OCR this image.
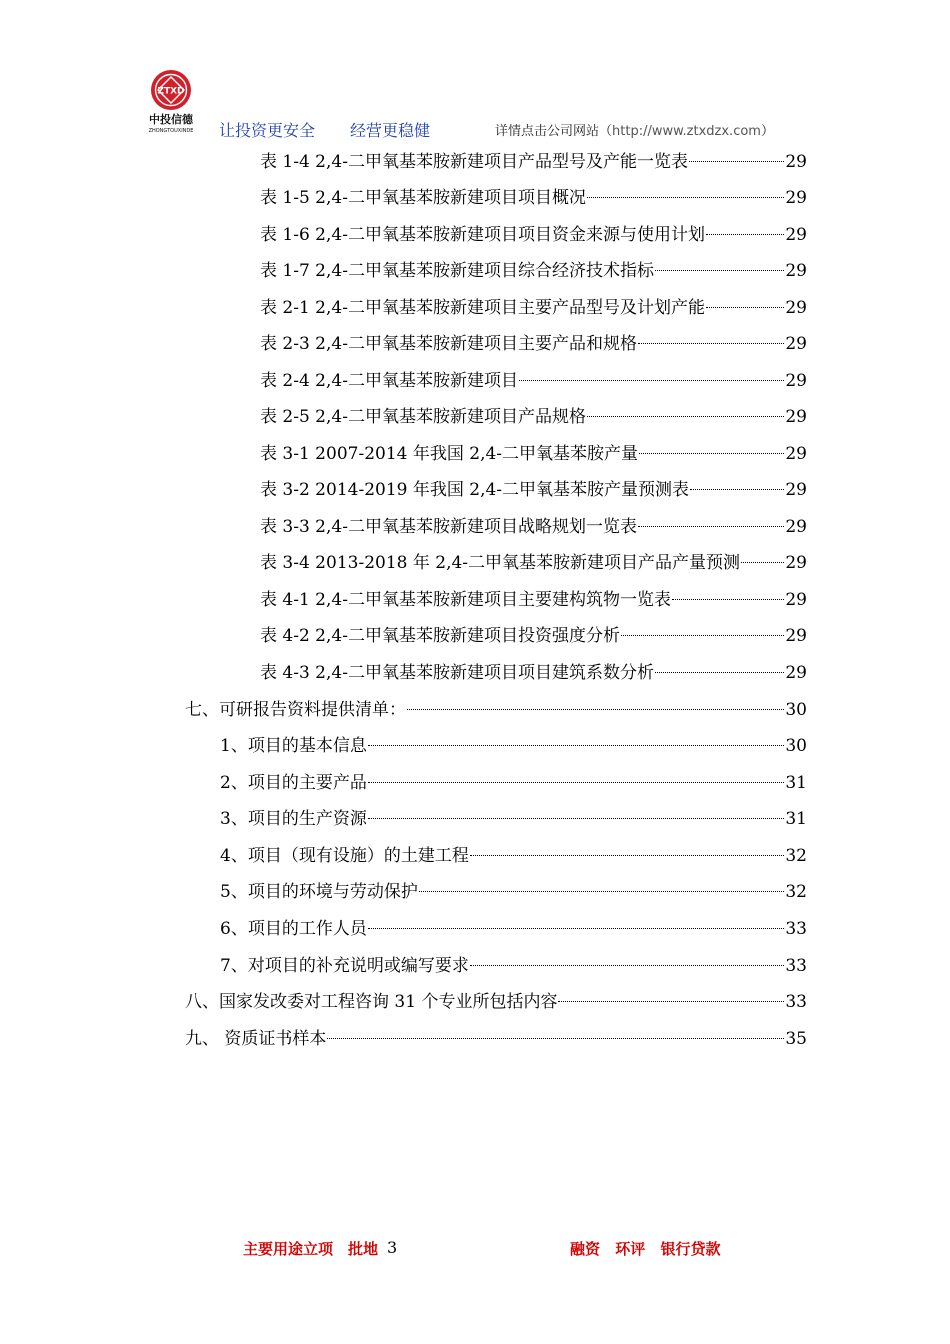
ZTXD
中投信德
ZHONGTOUXINDE 让投资更安全 经营更稳健	详情点击公司网站（http://www.ztxdzx.com）
表 1-4 2,4-二甲氧基苯胺新建项目产品型号及产能一览表	29
表 1-5 2,4-二甲氧基苯胺新建项目项目概况	29
表 1-6 2,4-二甲氧基苯胺新建项目项目资金来源与使用计划	29
表 1-7 2,4-二甲氧基苯胺新建项目综合经济技术指标	29
表 2-1 2,4-二甲氧基苯胺新建项目主要产品型号及计划产能	29
表 2-3 2,4-二甲氧基苯胺新建项目主要产品和规格	29
表 2-4 2,4-二甲氧基苯胺新建项目	29
表 2-5 2,4-二甲氧基苯胺新建项目产品规格	29
表 3-1 2007-2014 年我国 2,4-二甲氧基苯胺产量	29
表 3-2 2014-2019 年我国 2,4-二甲氧基苯胺产量预测表	29
表 3-3 2,4-二甲氧基苯胺新建项目战略规划一览表	29
表 3-4 2013-2018 年 2,4-二甲氧基苯胺新建项目产品产量预测	29
表 4-1 2,4-二甲氧基苯胺新建项目主要建构筑物一览表	29
表 4-2 2,4-二甲氧基苯胺新建项目投资强度分析	29
表 4-3 2,4-二甲氧基苯胺新建项目项目建筑系数分析	29
七、可研报告资料提供清单：	30
1、项目的基本信息	30
2、项目的主要产品	31
3、项目的生产资源	31
4、项目（现有设施）的土建工程	32
5、项目的环境与劳动保护	32
6、项目的工作人员	33
7、对项目的补充说明或编写要求	33
八、国家发改委对工程咨询 31 个专业所包括内容	33
九、 资质证书样本	35
主要用途立项　批地 3	融资 环评 银行贷款
